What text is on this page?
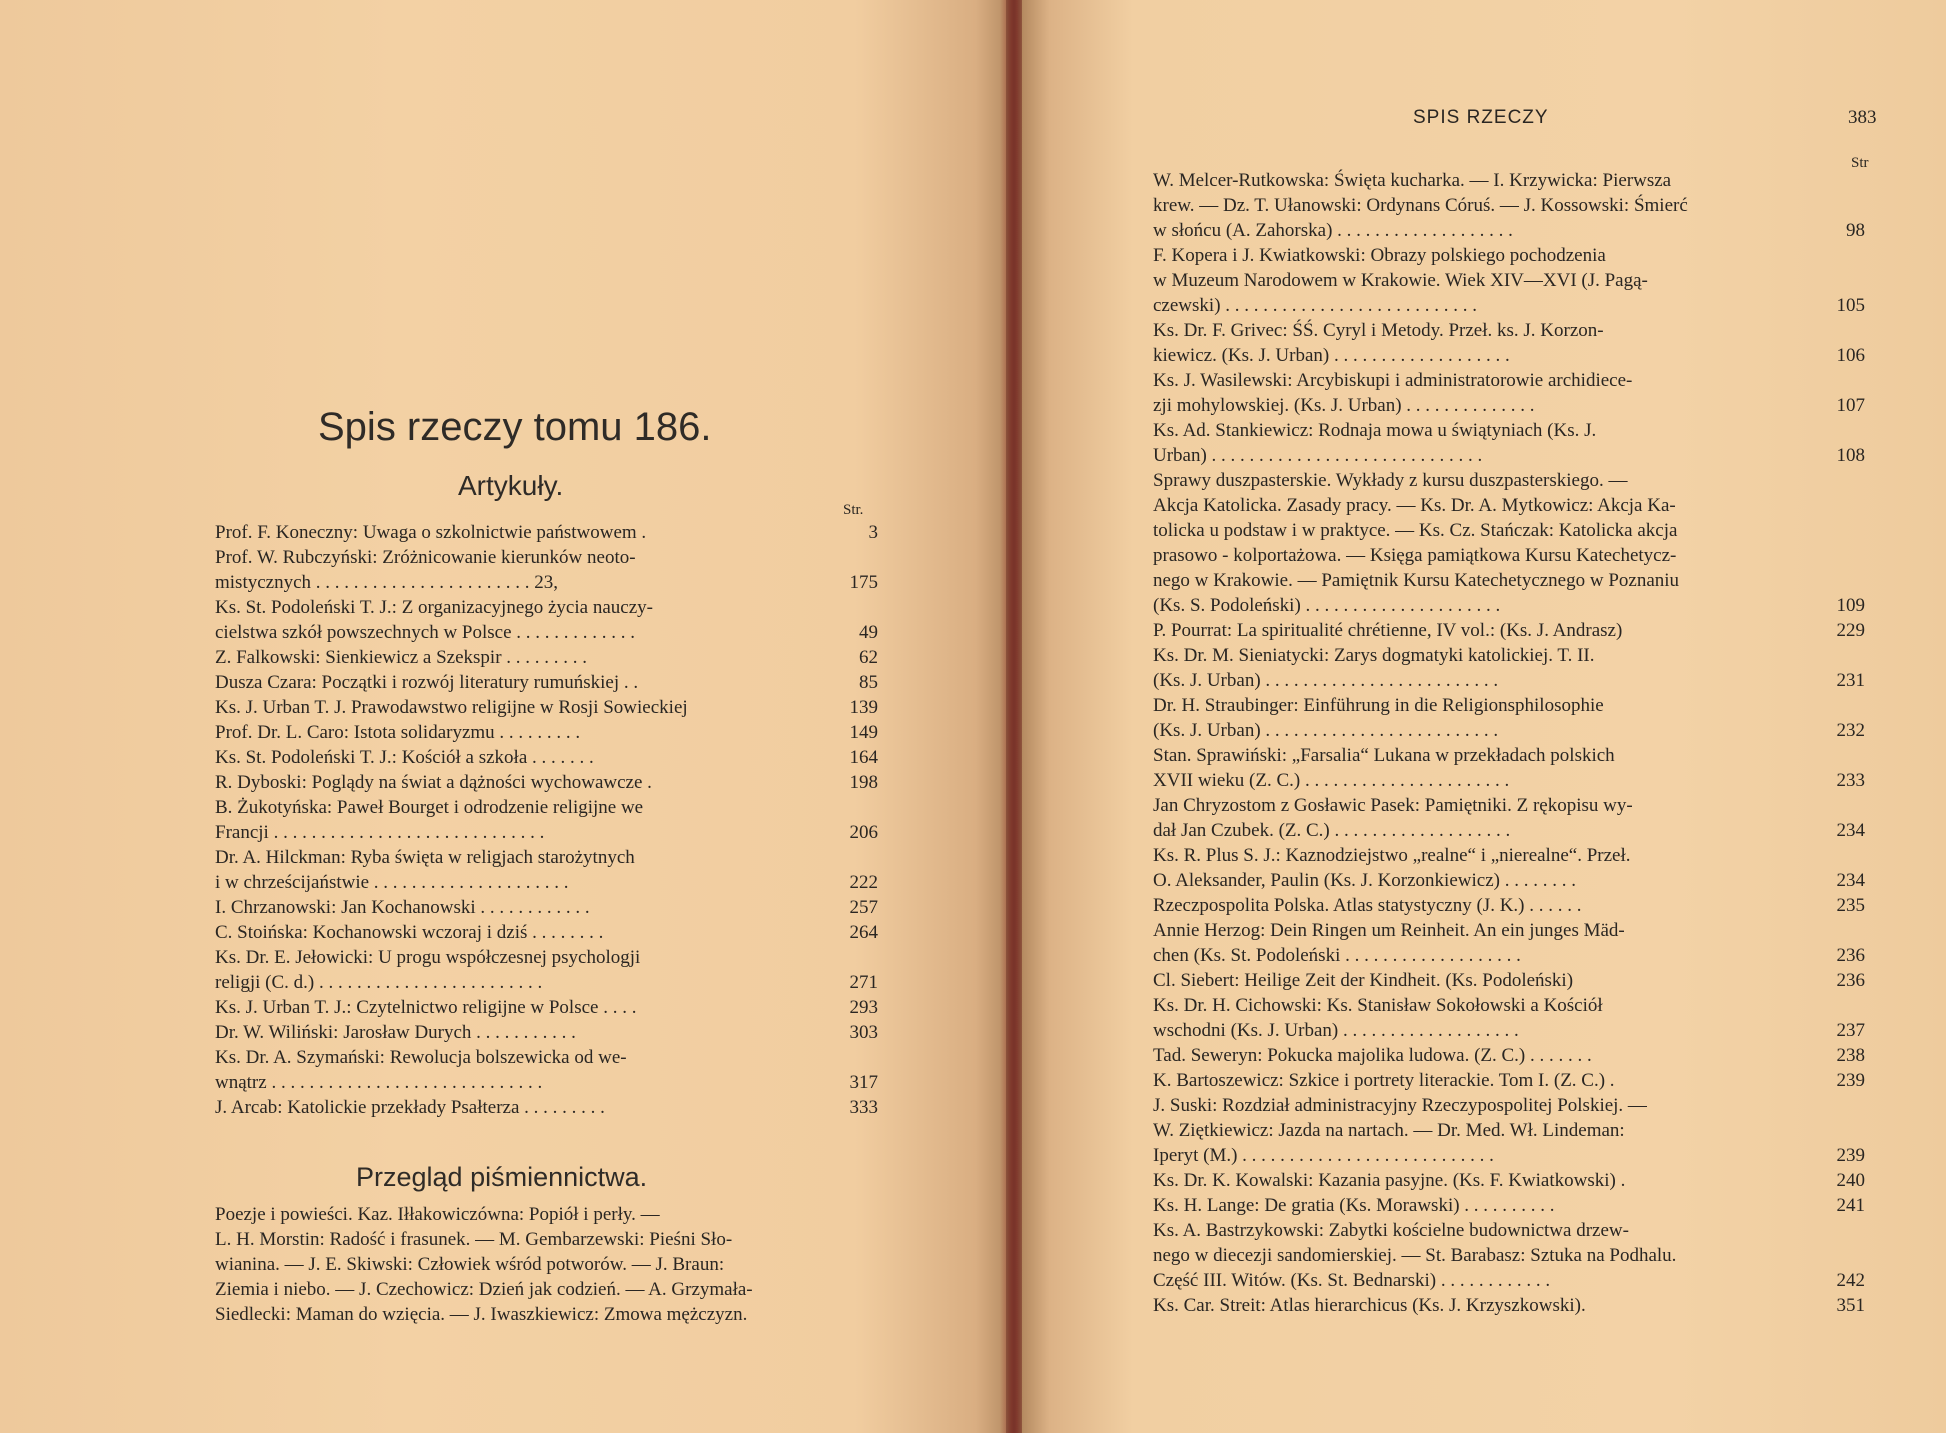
Spis rzeczy tomu 186.
Artykuły.
Str.
Prof. F. Koneczny: Uwaga o szkolnictwie państwowem .	3
Prof. W. Rubczyński: Zróżnicowanie kierunków neoto-
mistycznych . . . . . . . . . . . . . . . . . . . . . . . 23,	175
Ks. St. Podoleński T. J.: Z organizacyjnego życia nauczy-
cielstwa szkół powszechnych w Polsce . . . . . . . . . . . . .	49
Z. Falkowski: Sienkiewicz a Szekspir . . . . . . . . .	62
Dusza Czara: Początki i rozwój literatury rumuńskiej . .	85
Ks. J. Urban T. J. Prawodawstwo religijne w Rosji Sowieckiej	139
Prof. Dr. L. Caro: Istota solidaryzmu . . . . . . . . .	149
Ks. St. Podoleński T. J.: Kościół a szkoła . . . . . . .	164
R. Dyboski: Poglądy na świat a dążności wychowawcze .	198
B. Żukotyńska: Paweł Bourget i odrodzenie religijne we
Francji . . . . . . . . . . . . . . . . . . . . . . . . . . . . .	206
Dr. A. Hilckman: Ryba święta w religjach starożytnych
i w chrześcijaństwie . . . . . . . . . . . . . . . . . . . . .	222
I. Chrzanowski: Jan Kochanowski . . . . . . . . . . . .	257
C. Stoińska: Kochanowski wczoraj i dziś . . . . . . . .	264
Ks. Dr. E. Jełowicki: U progu współczesnej psychologji
religji (C. d.) . . . . . . . . . . . . . . . . . . . . . . . .	271
Ks. J. Urban T. J.: Czytelnictwo religijne w Polsce . . . .	293
Dr. W. Wiliński: Jarosław Durych . . . . . . . . . . .	303
Ks. Dr. A. Szymański: Rewolucja bolszewicka od we-
wnątrz . . . . . . . . . . . . . . . . . . . . . . . . . . . . .	317
J. Arcab: Katolickie przekłady Psałterza . . . . . . . . .	333
Przegląd piśmiennictwa.
Poezje i powieści. Kaz. Iłłakowiczówna: Popiół i perły. —
L. H. Morstin: Radość i frasunek. — M. Gembarzewski: Pieśni Sło-
wianina. — J. E. Skiwski: Człowiek wśród potworów. — J. Braun:
Ziemia i niebo. — J. Czechowicz: Dzień jak codzień. — A. Grzymała-
Siedlecki: Maman do wzięcia. — J. Iwaszkiewicz: Zmowa mężczyzn.
SPIS RZECZY	383
Str
W. Melcer-Rutkowska: Święta kucharka. — I. Krzywicka: Pierwsza
krew. — Dz. T. Ułanowski: Ordynans Córuś. — J. Kossowski: Śmierć
w słońcu (A. Zahorska) . . . . . . . . . . . . . . . . . . .	98
F. Kopera i J. Kwiatkowski: Obrazy polskiego pochodzenia
w Muzeum Narodowem w Krakowie. Wiek XIV—XVI (J. Pagą-
czewski) . . . . . . . . . . . . . . . . . . . . . . . . . . .	105
Ks. Dr. F. Grivec: ŚŚ. Cyryl i Metody. Przeł. ks. J. Korzon-
kiewicz. (Ks. J. Urban) . . . . . . . . . . . . . . . . . . .	106
Ks. J. Wasilewski: Arcybiskupi i administratorowie archidiece-
zji mohylowskiej. (Ks. J. Urban) . . . . . . . . . . . . . .	107
Ks. Ad. Stankiewicz: Rodnaja mowa u świątyniach (Ks. J.
Urban) . . . . . . . . . . . . . . . . . . . . . . . . . . . . .	108
Sprawy duszpasterskie. Wykłady z kursu duszpasterskiego. —
Akcja Katolicka. Zasady pracy. — Ks. Dr. A. Mytkowicz: Akcja Ka-
tolicka u podstaw i w praktyce. — Ks. Cz. Stańczak: Katolicka akcja
prasowo - kolportażowa. — Księga pamiątkowa Kursu Katechetycz-
nego w Krakowie. — Pamiętnik Kursu Katechetycznego w Poznaniu
(Ks. S. Podoleński) . . . . . . . . . . . . . . . . . . . . .	109
P. Pourrat: La spiritualité chrétienne, IV vol.: (Ks. J. Andrasz)	229
Ks. Dr. M. Sieniatycki: Zarys dogmatyki katolickiej. T. II.
(Ks. J. Urban) . . . . . . . . . . . . . . . . . . . . . . . . .	231
Dr. H. Straubinger: Einführung in die Religionsphilosophie
(Ks. J. Urban) . . . . . . . . . . . . . . . . . . . . . . . . .	232
Stan. Sprawiński: „Farsalia“ Lukana w przekładach polskich
XVII wieku (Z. C.) . . . . . . . . . . . . . . . . . . . . . .	233
Jan Chryzostom z Gosławic Pasek: Pamiętniki. Z rękopisu wy-
dał Jan Czubek. (Z. C.) . . . . . . . . . . . . . . . . . . .	234
Ks. R. Plus S. J.: Kaznodziejstwo „realne“ i „nierealne“. Przeł.
O. Aleksander, Paulin (Ks. J. Korzonkiewicz) . . . . . . . .	234
Rzeczpospolita Polska. Atlas statystyczny (J. K.) . . . . . .	235
Annie Herzog: Dein Ringen um Reinheit. An ein junges Mäd-
chen (Ks. St. Podoleński . . . . . . . . . . . . . . . . . . .	236
Cl. Siebert: Heilige Zeit der Kindheit. (Ks. Podoleński)	236
Ks. Dr. H. Cichowski: Ks. Stanisław Sokołowski a Kościół
wschodni (Ks. J. Urban) . . . . . . . . . . . . . . . . . . .	237
Tad. Seweryn: Pokucka majolika ludowa. (Z. C.) . . . . . . .	238
K. Bartoszewicz: Szkice i portrety literackie. Tom I. (Z. C.) .	239
J. Suski: Rozdział administracyjny Rzeczypospolitej Polskiej. —
W. Ziętkiewicz: Jazda na nartach. — Dr. Med. Wł. Lindeman:
Iperyt (M.) . . . . . . . . . . . . . . . . . . . . . . . . . . .	239
Ks. Dr. K. Kowalski: Kazania pasyjne. (Ks. F. Kwiatkowski) .	240
Ks. H. Lange: De gratia (Ks. Morawski) . . . . . . . . . .	241
Ks. A. Bastrzykowski: Zabytki kościelne budownictwa drzew-
nego w diecezji sandomierskiej. — St. Barabasz: Sztuka na Podhalu.
Część III. Witów. (Ks. St. Bednarski) . . . . . . . . . . . .	242
Ks. Car. Streit: Atlas hierarchicus (Ks. J. Krzyszkowski).	351
